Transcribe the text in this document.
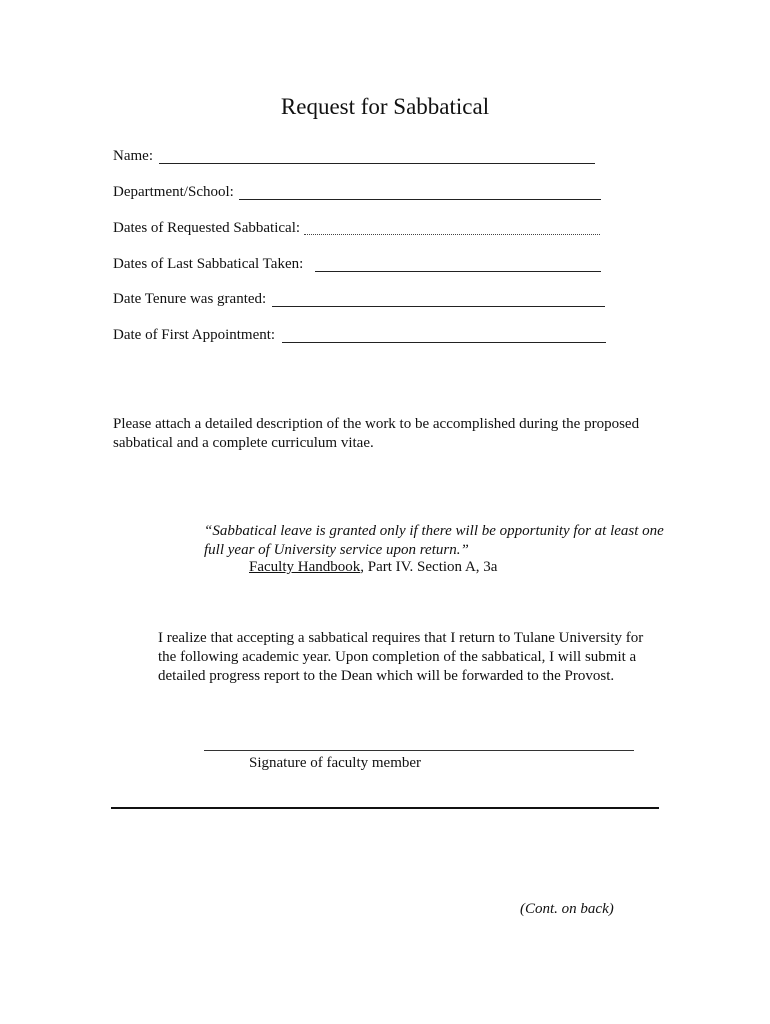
Request for Sabbatical
Name:
Department/School:
Dates of Requested Sabbatical:
Dates of Last Sabbatical Taken:
Date Tenure was granted:
Date of First Appointment:
Please attach a detailed description of the work to be accomplished during the proposed sabbatical and a complete curriculum vitae.
“Sabbatical leave is granted only if there will be opportunity for at least one full year of University service upon return.”
Faculty Handbook, Part IV. Section A, 3a
I realize that accepting a sabbatical requires that I return to Tulane University for the following academic year. Upon completion of the sabbatical, I will submit a detailed progress report to the Dean which will be forwarded to the Provost.
Signature of faculty member
(Cont. on back)
